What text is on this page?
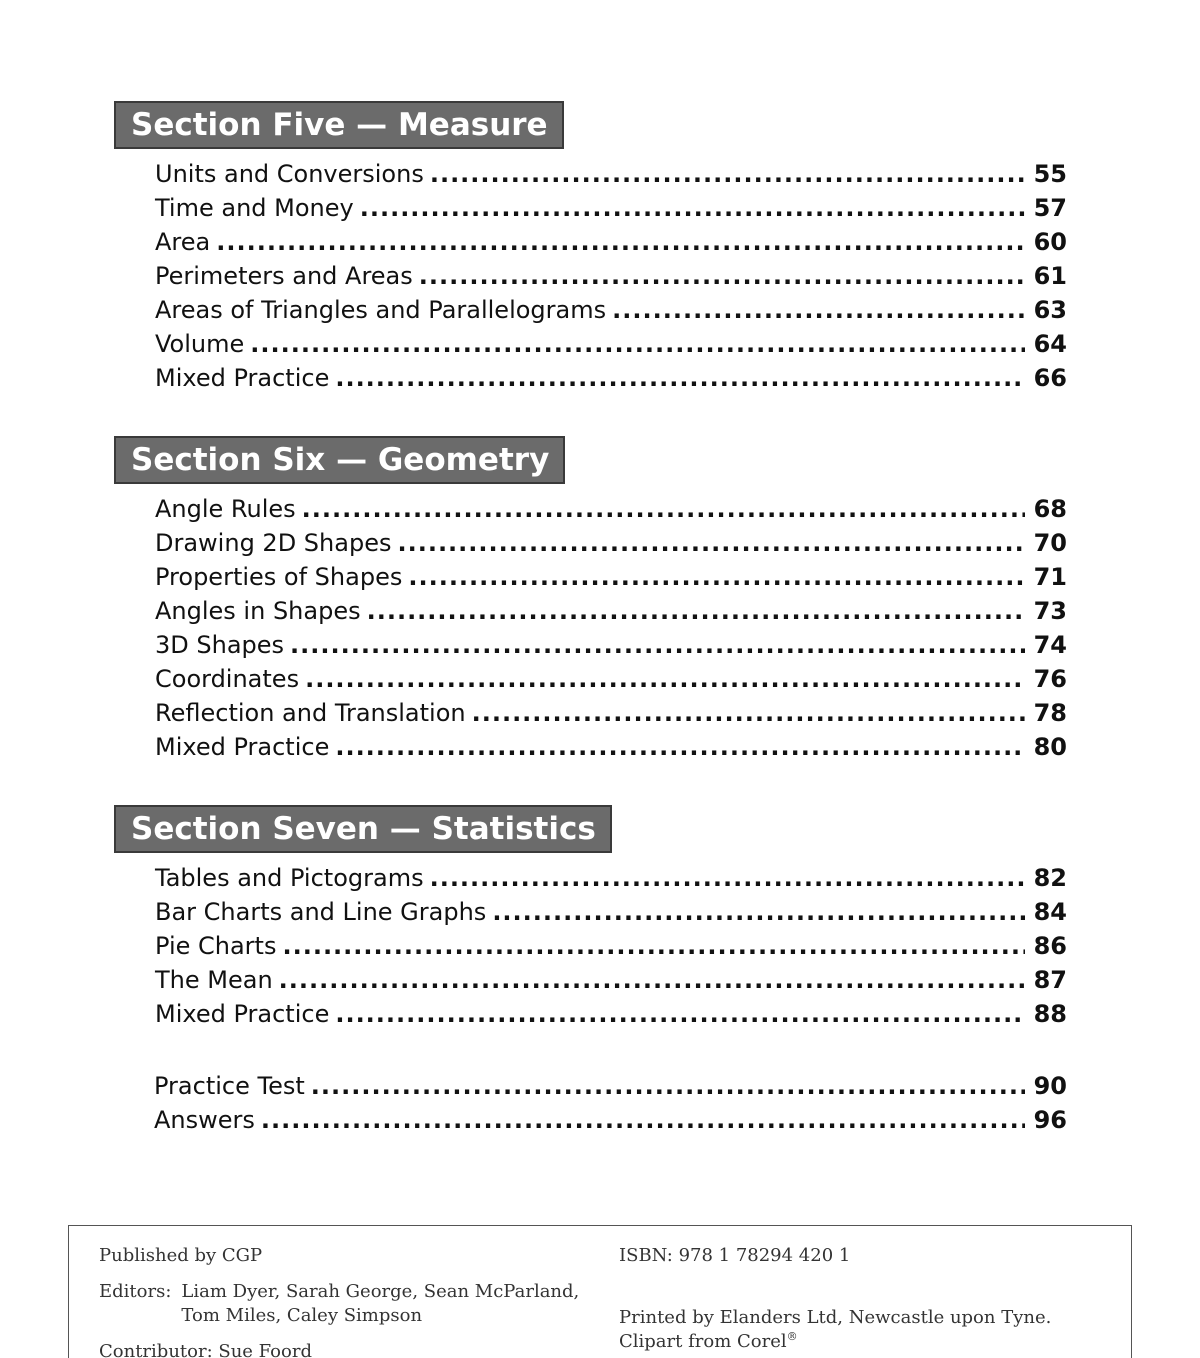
Section Five — Measure
Units and Conversions .....	55
Time and Money .....	57
Area .....	60
Perimeters and Areas .....	61
Areas of Triangles and Parallelograms .....	63
Volume .....	64
Mixed Practice .....	66
Section Six — Geometry
Angle Rules .....	68
Drawing 2D Shapes .....	70
Properties of Shapes .....	71
Angles in Shapes .....	73
3D Shapes .....	74
Coordinates .....	76
Reflection and Translation .....	78
Mixed Practice .....	80
Section Seven — Statistics
Tables and Pictograms .....	82
Bar Charts and Line Graphs .....	84
Pie Charts .....	86
The Mean .....	87
Mixed Practice .....	88
Practice Test .....	90
Answers .....	96
Published by CGP
Editors: Liam Dyer, Sarah George, Sean McParland,
Tom Miles, Caley Simpson
Contributor: Sue Foord
ISBN: 978 1 78294 420 1
Printed by Elanders Ltd, Newcastle upon Tyne.
Clipart from Corel®
